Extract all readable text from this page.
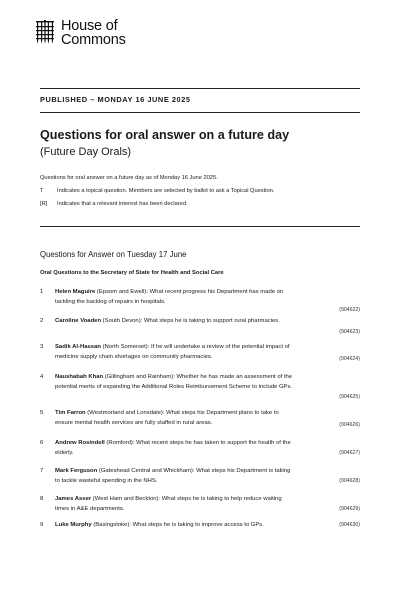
House of
Commons
PUBLISHED – MONDAY 16 JUNE 2025
Questions for oral answer on a future day
(Future Day Orals)
Questions for oral answer on a future day as of Monday 16 June 2025.
T	Indicates a topical question. Members are selected by ballot to ask a Topical Question.
[R]	Indicates that a relevant interest has been declared.
Questions for Answer on Tuesday 17 June
Oral Questions to the Secretary of State for Health and Social Care
1 Helen Maguire (Epsom and Ewell): What recent progress his Department has made on
tackling the backlog of repairs in hospitals.
(904622)
2 Caroline Voaden (South Devon): What steps he is taking to support rural pharmacies.
(904623)
3 Sadik Al-Hassan (North Somerset): If he will undertake a review of the potential impact of
medicine supply chain shortages on community pharmacies.	(904624)
4 Naushabah Khan (Gillingham and Rainham): Whether he has made an assessment of the
potential merits of expanding the Additional Roles Reimbursement Scheme to include GPs.
(904625)
5 Tim Farron (Westmorland and Lonsdale): What steps his Department plans to take to
ensure mental health services are fully staffed in rural areas.	(904626)
6 Andrew Rosindell (Romford): What recent steps he has taken to support the health of the
elderly.	(904627)
7 Mark Ferguson (Gateshead Central and Whickham): What steps his Department is taking
to tackle wasteful spending in the NHS.	(904628)
8 James Asser (West Ham and Beckton): What steps he is taking to help reduce waiting
times in A&E departments.	(904629)
9 Luke Murphy (Basingstoke): What steps he is taking to improve access to GPs.	(904630)
